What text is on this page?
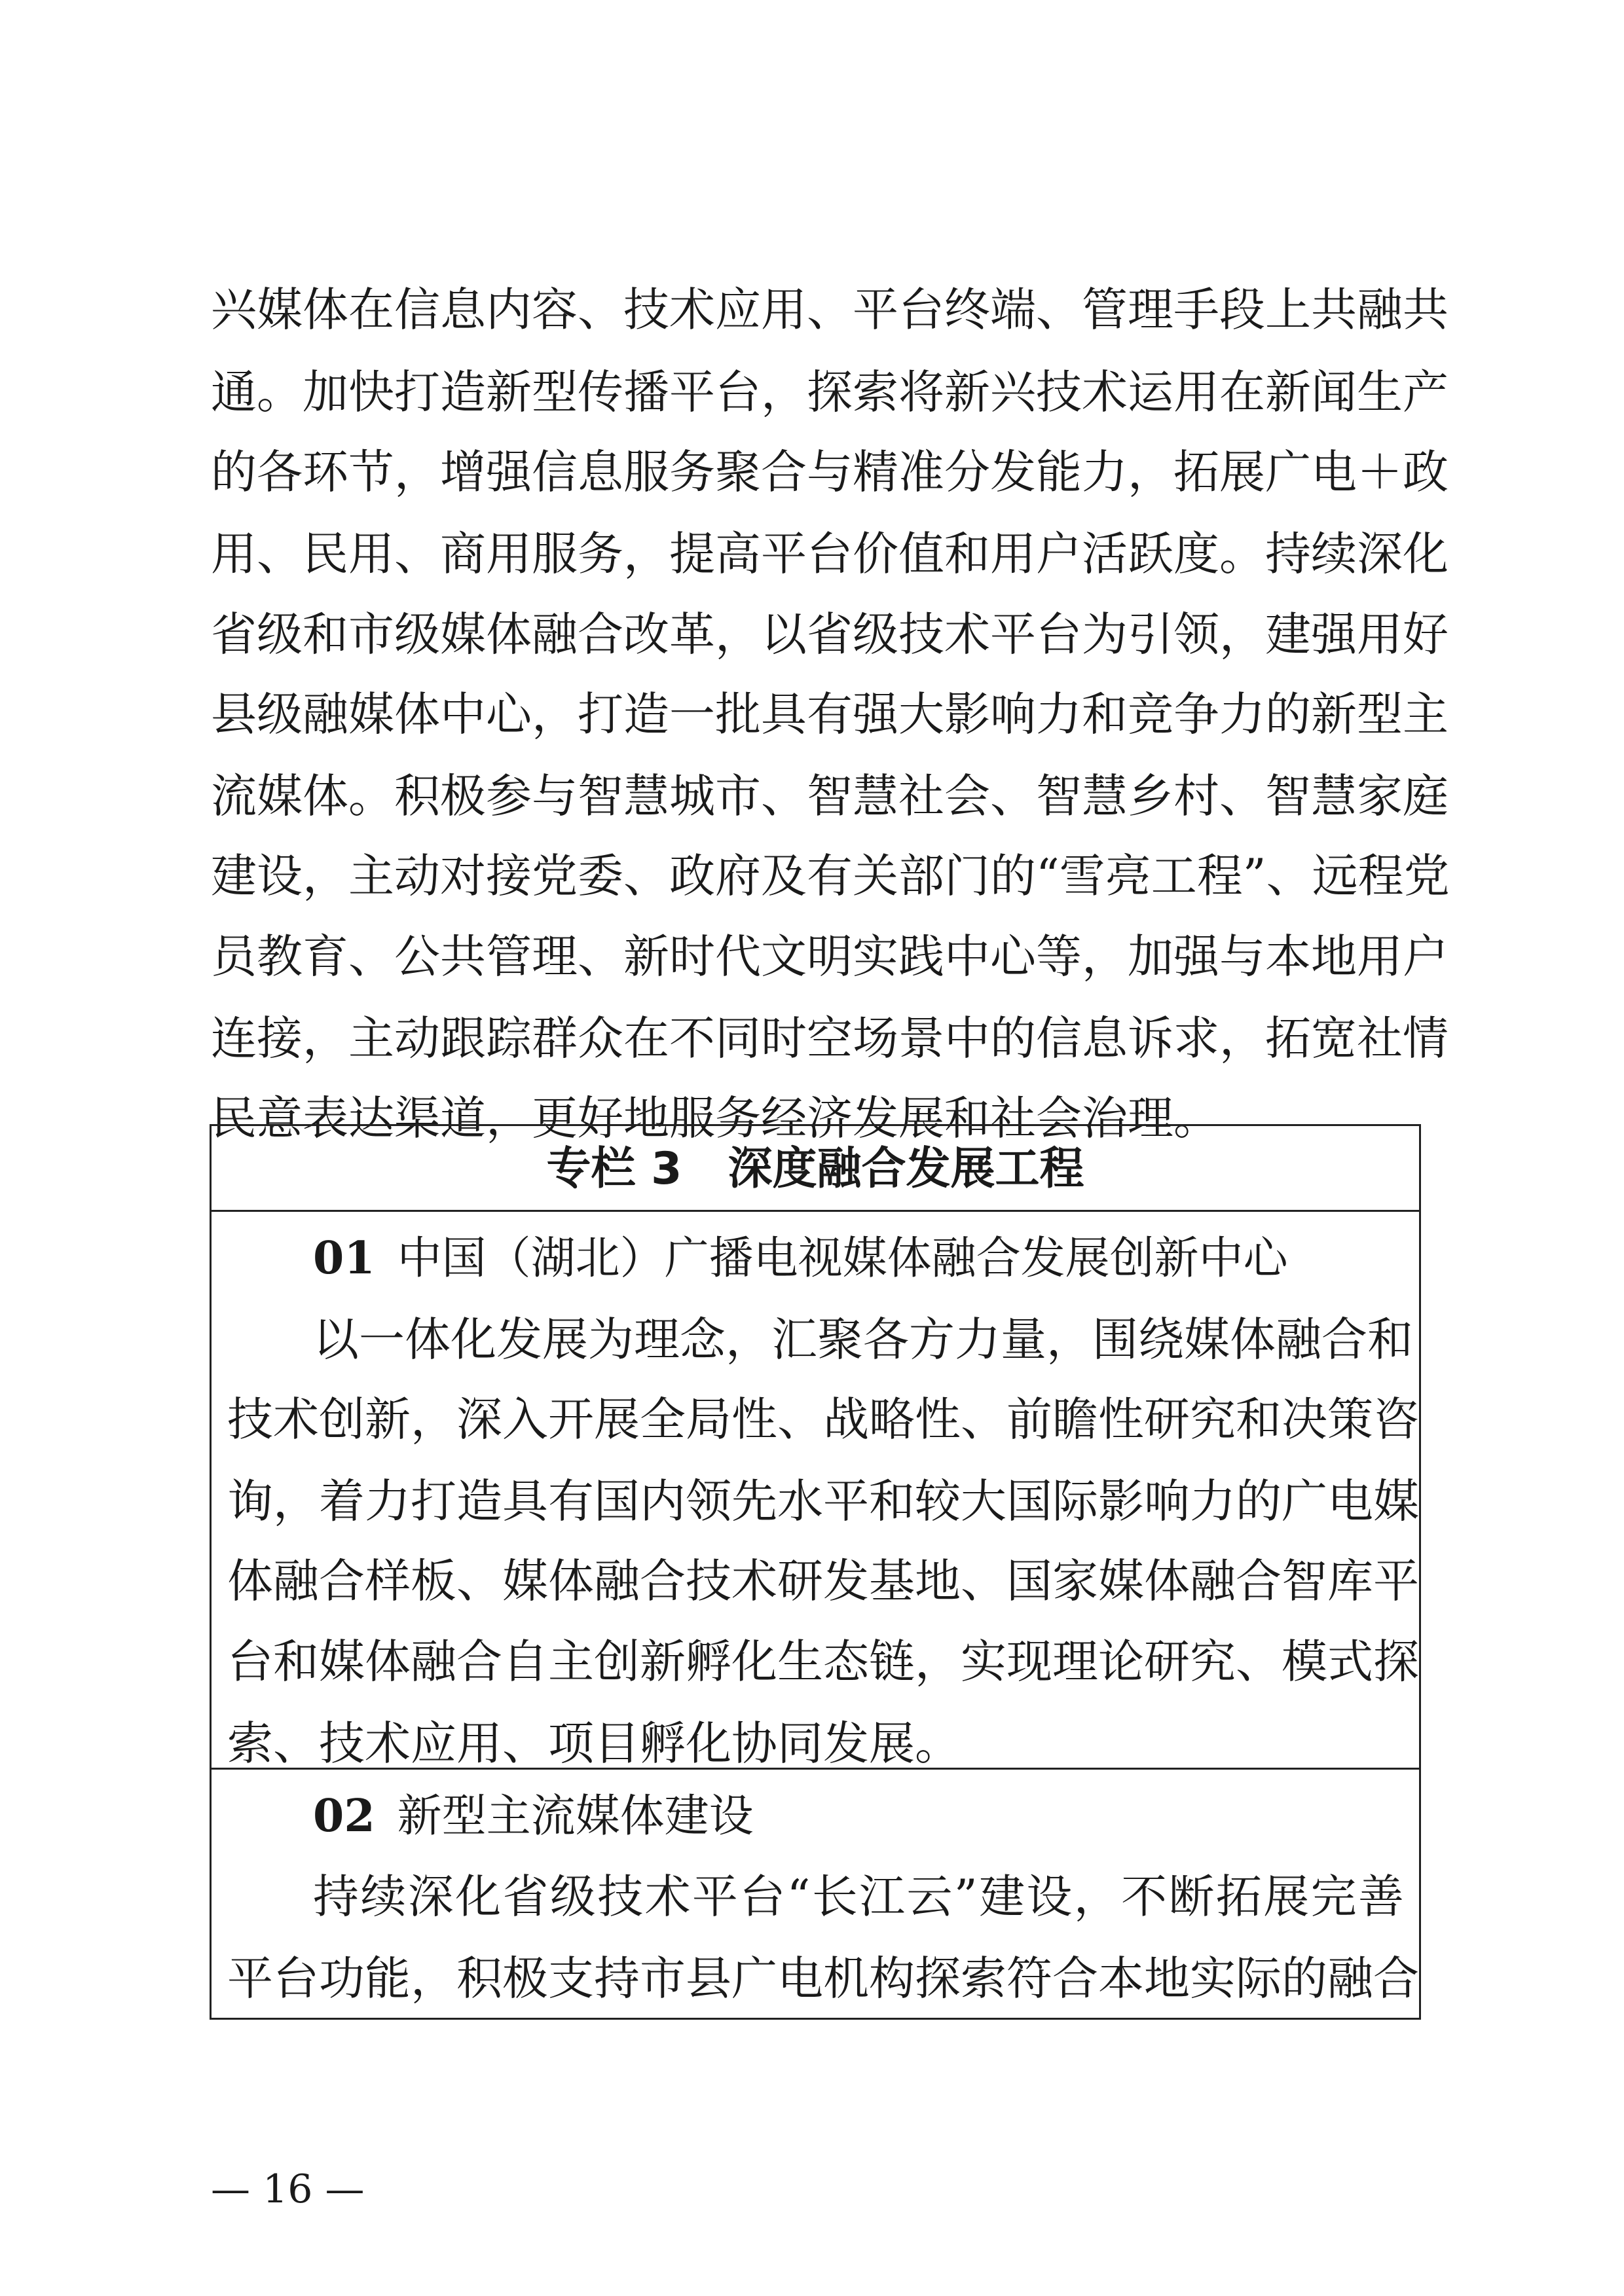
兴媒体在信息内容、技术应用、平台终端、管理手段上共融共
通。加快打造新型传播平台，探索将新兴技术运用在新闻生产
的各环节，增强信息服务聚合与精准分发能力，拓展广电＋政
用、民用、商用服务，提高平台价值和用户活跃度。持续深化
省级和市级媒体融合改革，以省级技术平台为引领，建强用好
县级融媒体中心，打造一批具有强大影响力和竞争力的新型主
流媒体。积极参与智慧城市、智慧社会、智慧乡村、智慧家庭
建设，主动对接党委、政府及有关部门的“雪亮工程”、远程党
员教育、公共管理、新时代文明实践中心等，加强与本地用户
连接，主动跟踪群众在不同时空场景中的信息诉求，拓宽社情
民意表达渠道，更好地服务经济发展和社会治理。
专栏 3 深度融合发展工程
01 中国（湖北）广播电视媒体融合发展创新中心
以一体化发展为理念，汇聚各方力量，围绕媒体融合和
技术创新，深入开展全局性、战略性、前瞻性研究和决策咨
询，着力打造具有国内领先水平和较大国际影响力的广电媒
体融合样板、媒体融合技术研发基地、国家媒体融合智库平
台和媒体融合自主创新孵化生态链，实现理论研究、模式探
索、技术应用、项目孵化协同发展。
02 新型主流媒体建设
持续深化省级技术平台“长江云”建设，不断拓展完善
平台功能，积极支持市县广电机构探索符合本地实际的融合
— 16 —
